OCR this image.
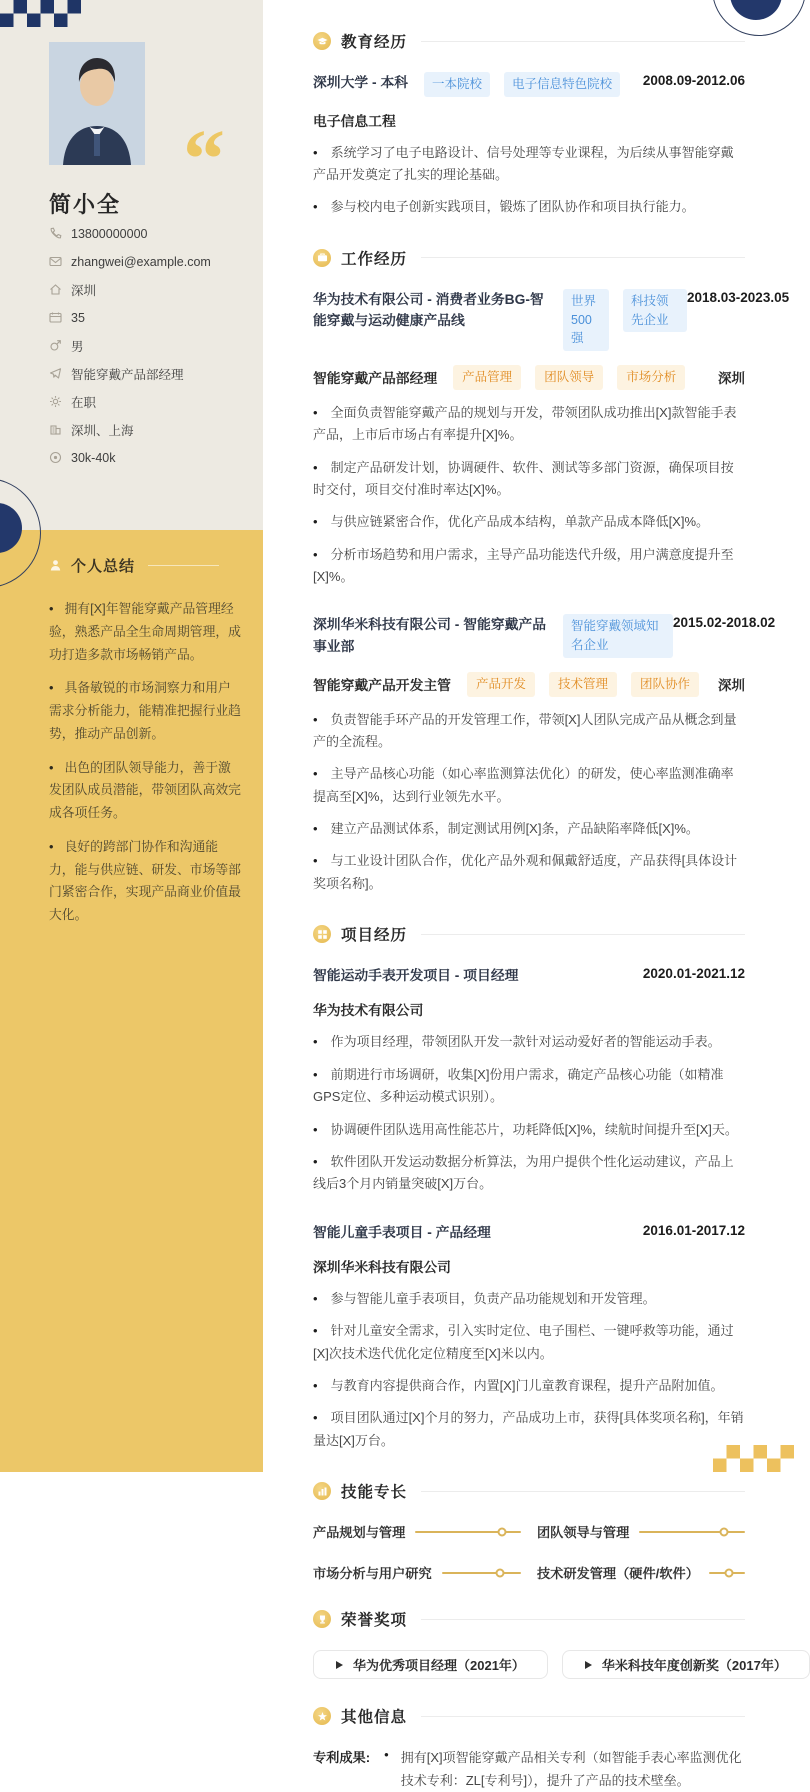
“
简小全
13800000000
zhangwei@example.com
深圳
35
男
智能穿戴产品部经理
在职
深圳、上海
30k-40k
个人总结

• 拥有[X]年智能穿戴产品管理经验，熟悉产品全生命周期管理，成功打造多款市场畅销产品。

• 具备敏锐的市场洞察力和用户需求分析能力，能精准把握行业趋势，推动产品创新。

• 出色的团队领导能力，善于激发团队成员潜能，带领团队高效完成各项任务。

• 良好的跨部门协作和沟通能力，能与供应链、研发、市场等部门紧密合作，实现产品商业价值最大化。

教育经历
深圳大学 - 本科	一本院校	电子信息特色院校	2008.09-2012.06
电子信息工程

• 系统学习了电子电路设计、信号处理等专业课程，为后续从事智能穿戴产品开发奠定了扎实的理论基础。

• 参与校内电子创新实践项目，锻炼了团队协作和项目执行能力。

工作经历
华为技术有限公司 - 消费者业务BG-智能穿戴与运动健康产品线
世界500强
科技领先企业
2018.03-2023.05
智能穿戴产品部经理	产品管理	团队领导	市场分析	深圳

• 全面负责智能穿戴产品的规划与开发，带领团队成功推出[X]款智能手表产品，上市后市场占有率提升[X]%。

• 制定产品研发计划，协调硬件、软件、测试等多部门资源，确保项目按时交付，项目交付准时率达[X]%。

• 与供应链紧密合作，优化产品成本结构，单款产品成本降低[X]%。

• 分析市场趋势和用户需求，主导产品功能迭代升级，用户满意度提升至[X]%。

深圳华米科技有限公司 - 智能穿戴产品事业部
智能穿戴领域知名企业
2015.02-2018.02
智能穿戴产品开发主管	产品开发	技术管理	团队协作	深圳

• 负责智能手环产品的开发管理工作，带领[X]人团队完成产品从概念到量产的全流程。

• 主导产品核心功能（如心率监测算法优化）的研发，使心率监测准确率提高至[X]%，达到行业领先水平。

• 建立产品测试体系，制定测试用例[X]条，产品缺陷率降低[X]%。

• 与工业设计团队合作，优化产品外观和佩戴舒适度，产品获得[具体设计奖项名称]。

项目经历
智能运动手表开发项目 - 项目经理	2020.01-2021.12
华为技术有限公司

• 作为项目经理，带领团队开发一款针对运动爱好者的智能运动手表。

• 前期进行市场调研，收集[X]份用户需求，确定产品核心功能（如精准GPS定位、多种运动模式识别）。

• 协调硬件团队选用高性能芯片，功耗降低[X]%，续航时间提升至[X]天。

• 软件团队开发运动数据分析算法，为用户提供个性化运动建议，产品上线后3个月内销量突破[X]万台。

智能儿童手表项目 - 产品经理	2016.01-2017.12
深圳华米科技有限公司

• 参与智能儿童手表项目，负责产品功能规划和开发管理。

• 针对儿童安全需求，引入实时定位、电子围栏、一键呼救等功能，通过[X]次技术迭代优化定位精度至[X]米以内。

• 与教育内容提供商合作，内置[X]门儿童教育课程，提升产品附加值。

• 项目团队通过[X]个月的努力，产品成功上市，获得[具体奖项名称]，年销量达[X]万台。

技能专长
产品规划与管理	团队领导与管理
市场分析与用户研究	技术研发管理（硬件/软件）
荣誉奖项
华为优秀项目经理（2021年）	华米科技年度创新奖（2017年）
其他信息
专利成果: • 拥有[X]项智能穿戴产品相关专利（如智能手表心率监测优化技术专利：ZL[专利号]），提升了产品的技术壁垒。
